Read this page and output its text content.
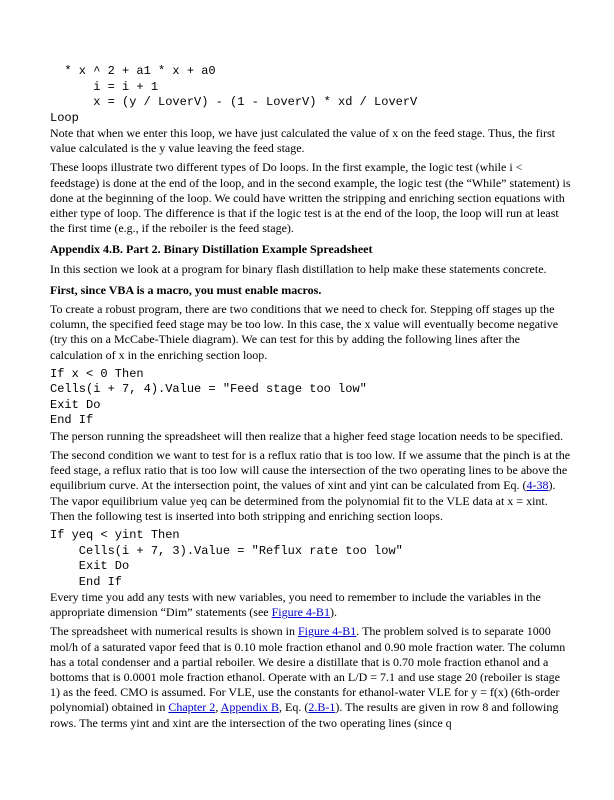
* x ^ 2 + a1 * x + a0
i = i + 1
x = (y / LoverV) - (1 - LoverV) * xd / LoverV
Loop

Note that when we enter this loop, we have just calculated the value of x on the feed stage. Thus, the first value calculated is the y value leaving the feed stage.

These loops illustrate two different types of Do loops. In the first example, the logic test (while i < feedstage) is done at the end of the loop, and in the second example, the logic test (the “While” statement) is done at the beginning of the loop. We could have written the stripping and enriching section equations with either type of loop. The difference is that if the logic test is at the end of the loop, the loop will run at least the first time (e.g., if the reboiler is the feed stage).

Appendix 4.B. Part 2. Binary Distillation Example Spreadsheet

In this section we look at a program for binary flash distillation to help make these statements concrete.

First, since VBA is a macro, you must enable macros.

To create a robust program, there are two conditions that we need to check for. Stepping off stages up the column, the specified feed stage may be too low. In this case, the x value will eventually become negative (try this on a McCabe-Thiele diagram). We can test for this by adding the following lines after the calculation of x in the enriching section loop.

If x < 0 Then
Cells(i + 7, 4).Value = "Feed stage too low"
Exit Do
End If

The person running the spreadsheet will then realize that a higher feed stage location needs to be specified.

The second condition we want to test for is a reflux ratio that is too low. If we assume that the pinch is at the feed stage, a reflux ratio that is too low will cause the intersection of the two operating lines to be above the equilibrium curve. At the intersection point, the values of xint and yint can be calculated from Eq. (4-38). The vapor equilibrium value yeq can be determined from the polynomial fit to the VLE data at x = xint. Then the following test is inserted into both stripping and enriching section loops.

If yeq < yint Then
Cells(i + 7, 3).Value = "Reflux rate too low"
Exit Do
End If

Every time you add any tests with new variables, you need to remember to include the variables in the appropriate dimension “Dim” statements (see Figure 4-B1).

The spreadsheet with numerical results is shown in Figure 4-B1. The problem solved is to separate 1000 mol/h of a saturated vapor feed that is 0.10 mole fraction ethanol and 0.90 mole fraction water. The column has a total condenser and a partial reboiler. We desire a distillate that is 0.70 mole fraction ethanol and a bottoms that is 0.0001 mole fraction ethanol. Operate with an L/D = 7.1 and use stage 20 (reboiler is stage 1) as the feed. CMO is assumed. For VLE, use the constants for ethanol-water VLE for y = f(x) (6th-order polynomial) obtained in Chapter 2, Appendix B, Eq. (2.B-1). The results are given in row 8 and following rows. The terms yint and xint are the intersection of the two operating lines (since q
